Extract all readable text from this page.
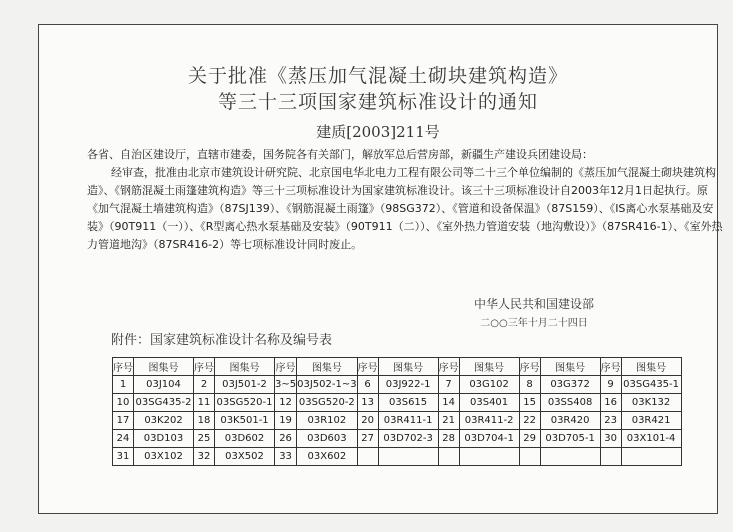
关于批准《蒸压加气混凝土砌块建筑构造》
等三十三项国家建筑标准设计的通知
建质[2003]211号

各省、自治区建设厅，直辖市建委，国务院各有关部门，解放军总后营房部，新疆生产建设兵团建设局：

经审查，批准由北京市建筑设计研究院、北京国电华北电力工程有限公司等二十三个单位编制的《蒸压加气混凝土砌块建筑构造》、《钢筋混凝土雨篷建筑构造》等三十三项标准设计为国家建筑标准设计。该三十三项标准设计自2003年12月1日起执行。原《加气混凝土墙建筑构造》（87SJ139）、《钢筋混凝土雨篷》（98SG372）、《管道和设备保温》（87S159）、《IS离心水泵基础及安装》（90T911（一））、《R型离心热水泵基础及安装》（90T911（二））、《室外热力管道安装（地沟敷设）》（87SR416-1）、《室外热力管道地沟》（87SR416-2）等七项标准设计同时废止。

中华人民共和国建设部
二○○三年十月二十四日
附件：国家建筑标准设计名称及编号表
序号	图集号	序号	图集号	序号	图集号	序号	图集号	序号	图集号	序号	图集号	序号	图集号
1	03J104	2	03J501-2	3~5	03J502-1~3	6	03J922-1	7	03G102	8	03G372	9	03SG435-1
10	03SG435-2	11	03SG520-1	12	03SG520-2	13	03S615	14	03S401	15	03SS408	16	03K132
17	03K202	18	03K501-1	19	03R102	20	03R411-1	21	03R411-2	22	03R420	23	03R421
24	03D103	25	03D602	26	03D603	27	03D702-3	28	03D704-1	29	03D705-1	30	03X101-4
31	03X102	32	03X502	33	03X602								
